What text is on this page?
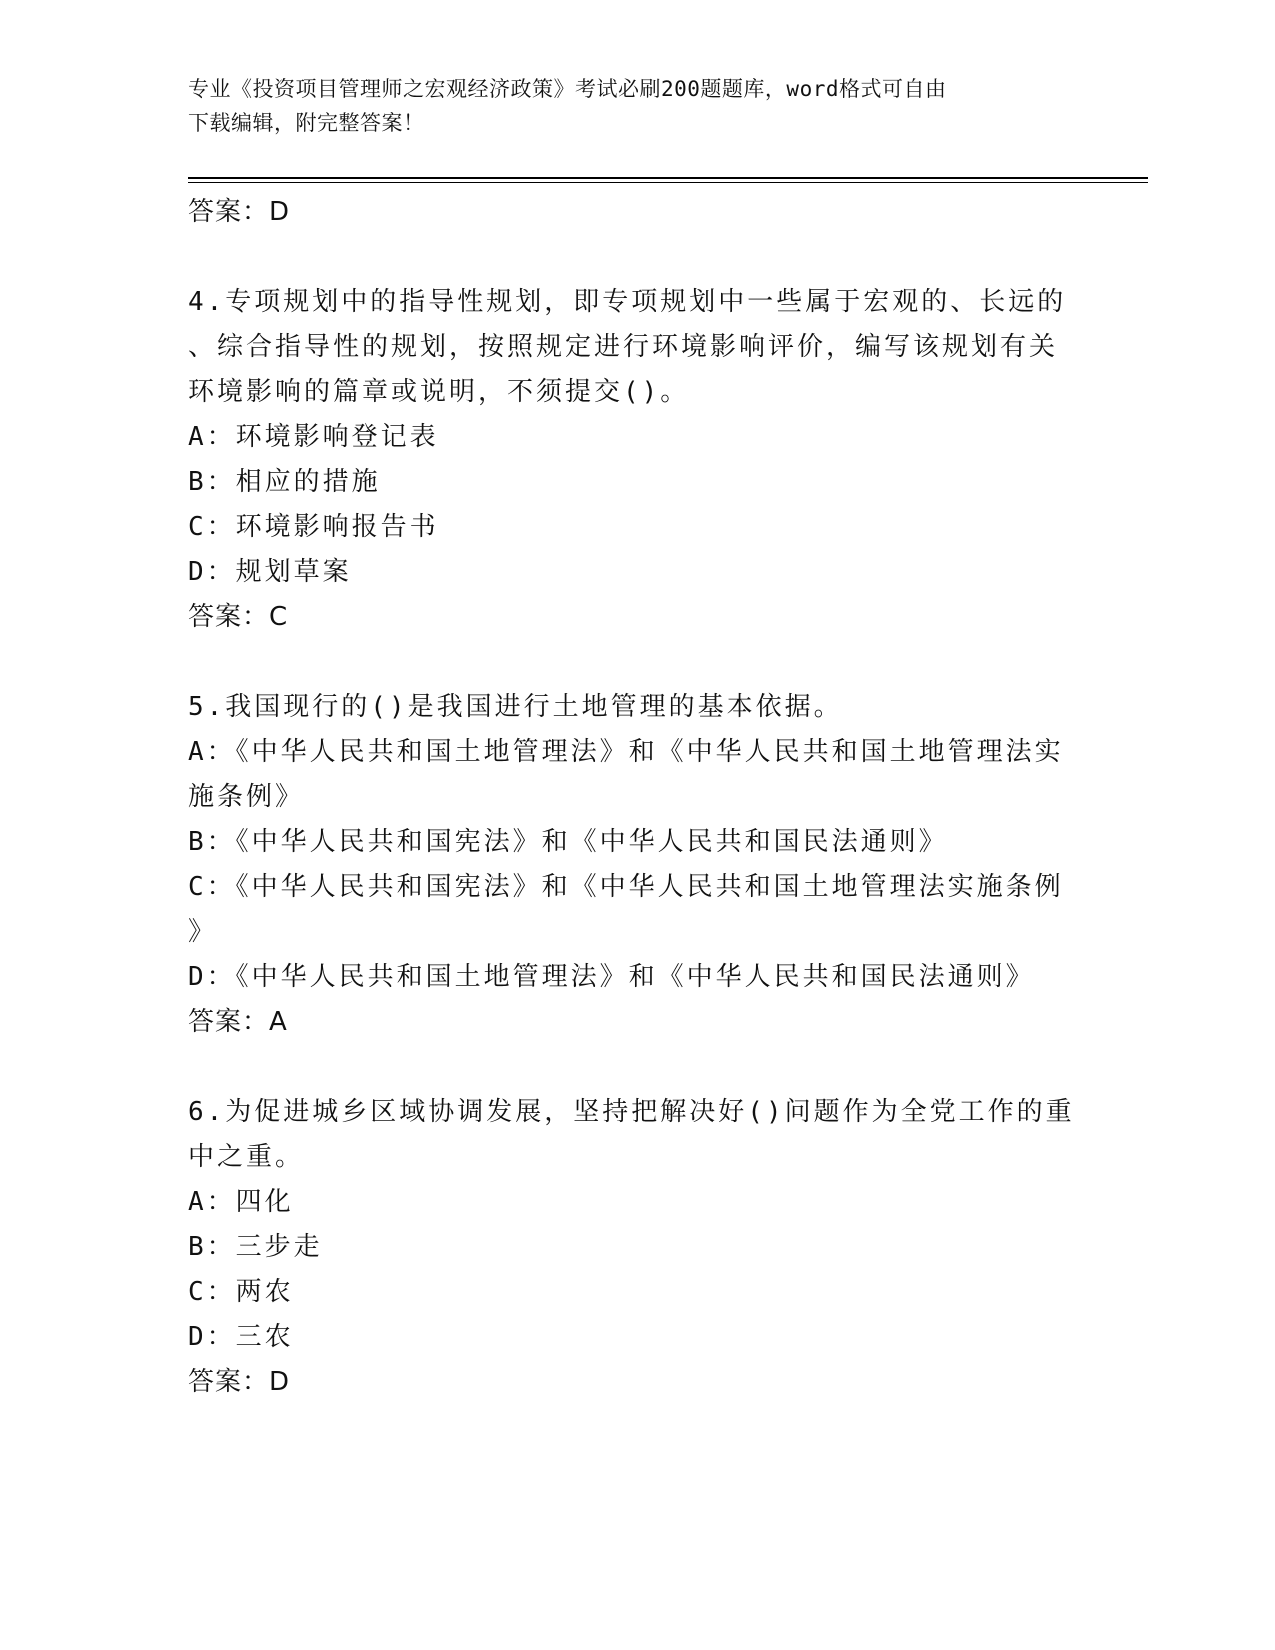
专业《投资项目管理师之宏观经济政策》考试必刷200题题库，word格式可自由
下载编辑，附完整答案！
答案：D
4.专项规划中的指导性规划，即专项规划中一些属于宏观的、长远的
、综合指导性的规划，按照规定进行环境影响评价，编写该规划有关
环境影响的篇章或说明，不须提交()。
A：环境影响登记表
B：相应的措施
C：环境影响报告书
D：规划草案
答案：C
5.我国现行的()是我国进行土地管理的基本依据。
A：《中华人民共和国土地管理法》和《中华人民共和国土地管理法实
施条例》
B：《中华人民共和国宪法》和《中华人民共和国民法通则》
C：《中华人民共和国宪法》和《中华人民共和国土地管理法实施条例
》
D：《中华人民共和国土地管理法》和《中华人民共和国民法通则》
答案：A
6.为促进城乡区域协调发展，坚持把解决好()问题作为全党工作的重
中之重。
A：四化
B：三步走
C：两农
D：三农
答案：D
